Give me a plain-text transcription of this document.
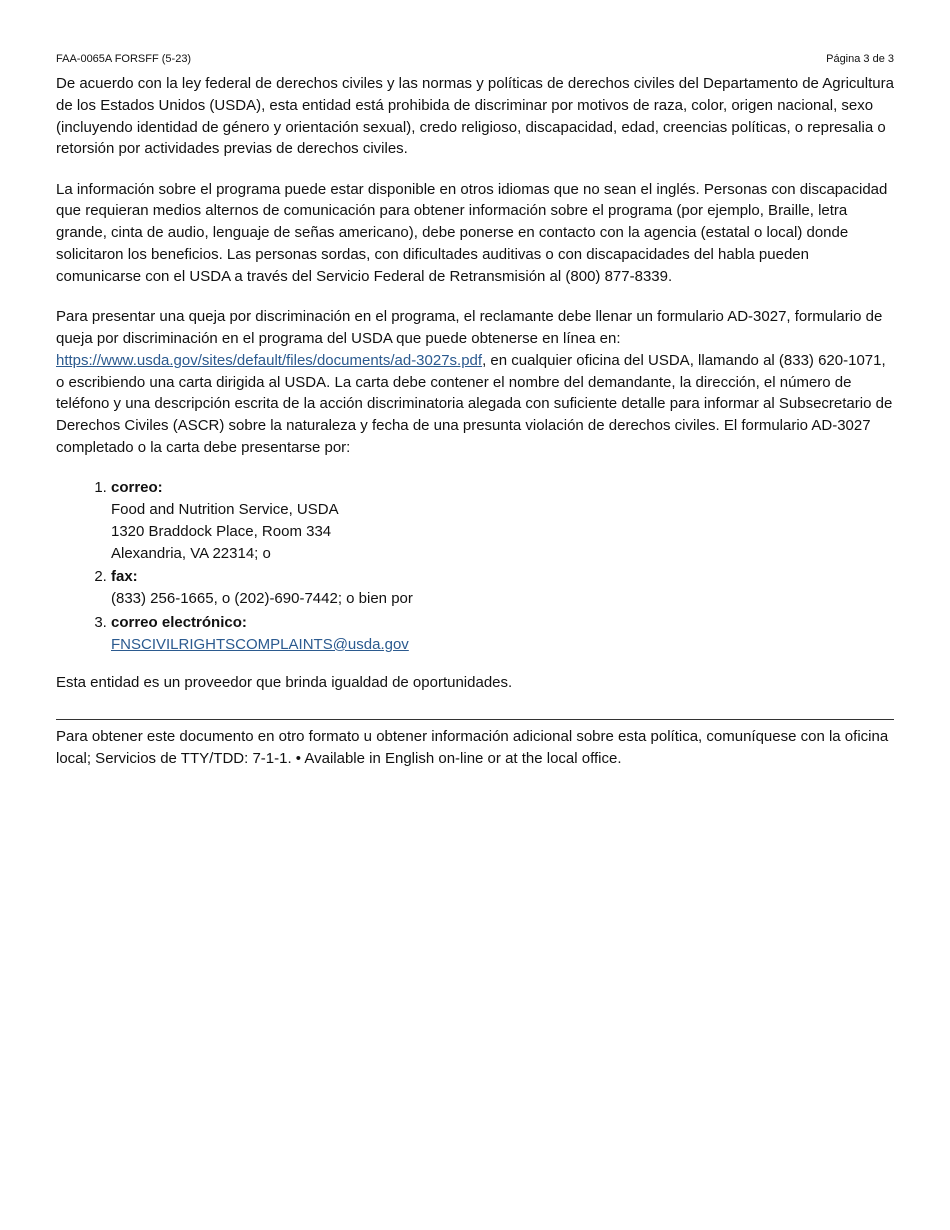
FAA-0065A FORSFF (5-23)	Página 3 de 3

De acuerdo con la ley federal de derechos civiles y las normas y políticas de derechos civiles del Departamento de Agricultura de los Estados Unidos (USDA), esta entidad está prohibida de discriminar por motivos de raza, color, origen nacional, sexo (incluyendo identidad de género y orientación sexual), credo religioso, discapacidad, edad, creencias políticas, o represalia o retorsión por actividades previas de derechos civiles.

La información sobre el programa puede estar disponible en otros idiomas que no sean el inglés. Personas con discapacidad que requieran medios alternos de comunicación para obtener información sobre el programa (por ejemplo, Braille, letra grande, cinta de audio, lenguaje de señas americano), debe ponerse en contacto con la agencia (estatal o local) donde solicitaron los beneficios. Las personas sordas, con dificultades auditivas o con discapacidades del habla pueden comunicarse con el USDA a través del Servicio Federal de Retransmisión al (800) 877-8339.

Para presentar una queja por discriminación en el programa, el reclamante debe llenar un formulario AD-3027, formulario de queja por discriminación en el programa del USDA que puede obtenerse en línea en: https://www.usda.gov/sites/default/files/documents/ad-3027s.pdf, en cualquier oficina del USDA, llamando al (833) 620-1071, o escribiendo una carta dirigida al USDA. La carta debe contener el nombre del demandante, la dirección, el número de teléfono y una descripción escrita de la acción discriminatoria alegada con suficiente detalle para informar al Subsecretario de Derechos Civiles (ASCR) sobre la naturaleza y fecha de una presunta violación de derechos civiles. El formulario AD-3027 completado o la carta debe presentarse por:

1. correo:
Food and Nutrition Service, USDA
1320 Braddock Place, Room 334
Alexandria, VA 22314; o
2. fax:
(833) 256-1665, o (202)-690-7442; o bien por
3. correo electrónico:
FNSCIVILRIGHTSCOMPLAINTS@usda.gov

Esta entidad es un proveedor que brinda igualdad de oportunidades.

Para obtener este documento en otro formato u obtener información adicional sobre esta política, comuníquese con la oficina local; Servicios de TTY/TDD: 7-1-1. • Available in English on-line or at the local office.
